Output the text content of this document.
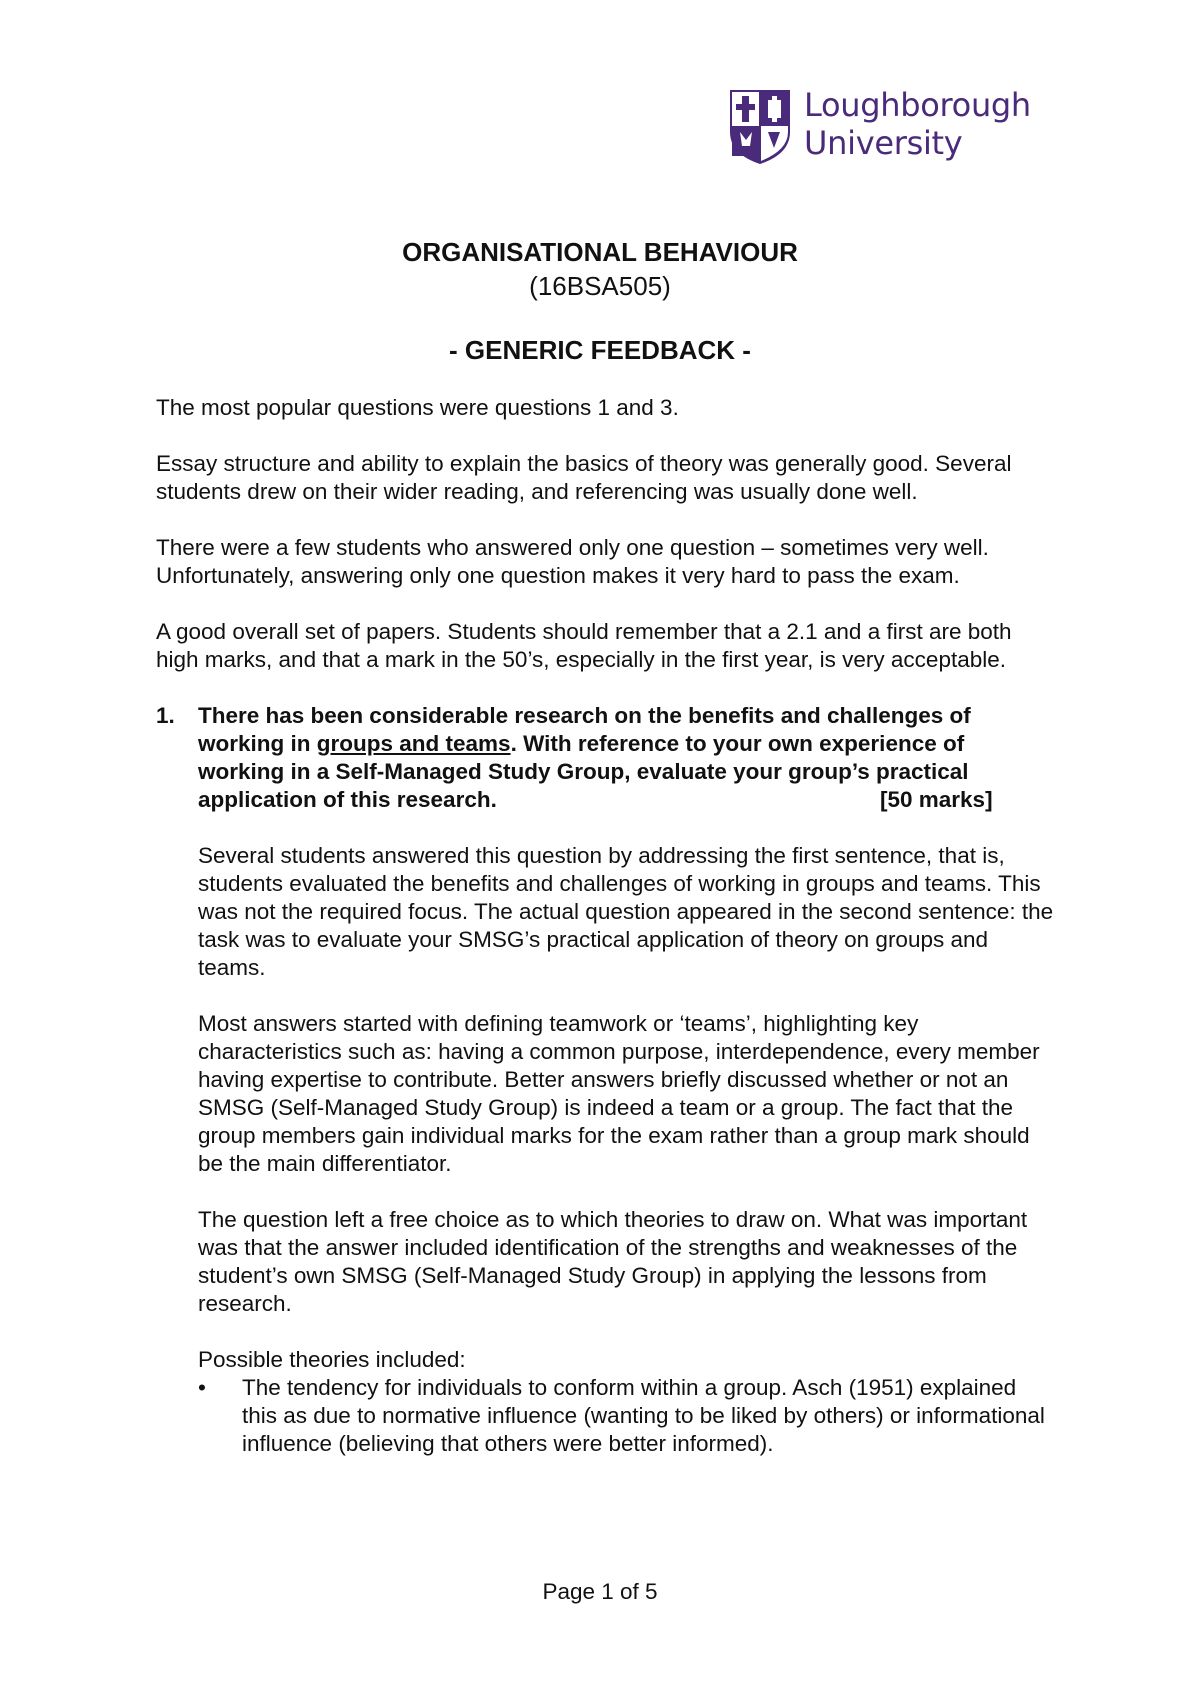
Loughborough
University
ORGANISATIONAL BEHAVIOUR
(16BSA505)
- GENERIC FEEDBACK -

The most popular questions were questions 1 and 3.

Essay structure and ability to explain the basics of theory was generally good. Several students drew on their wider reading, and referencing was usually done well.

There were a few students who answered only one question – sometimes very well. Unfortunately, answering only one question makes it very hard to pass the exam.

A good overall set of papers. Students should remember that a 2.1 and a first are both high marks, and that a mark in the 50’s, especially in the first year, is very acceptable.

1. There has been considerable research on the benefits and challenges of
working in groups and teams. With reference to your own experience of
working in a Self-Managed Study Group, evaluate your group’s practical
application of this research.	[50 marks]

Several students answered this question by addressing the first sentence, that is, students evaluated the benefits and challenges of working in groups and teams. This was not the required focus. The actual question appeared in the second sentence: the task was to evaluate your SMSG’s practical application of theory on groups and teams.

Most answers started with defining teamwork or ‘teams’, highlighting key characteristics such as: having a common purpose, interdependence, every member having expertise to contribute. Better answers briefly discussed whether or not an SMSG (Self-Managed Study Group) is indeed a team or a group. The fact that the group members gain individual marks for the exam rather than a group mark should be the main differentiator.

The question left a free choice as to which theories to draw on. What was important was that the answer included identification of the strengths and weaknesses of the student’s own SMSG (Self-Managed Study Group) in applying the lessons from research.

Possible theories included:

• The tendency for individuals to conform within a group. Asch (1951) explained this as due to normative influence (wanting to be liked by others) or informational influence (believing that others were better informed).
Page 1 of 5
